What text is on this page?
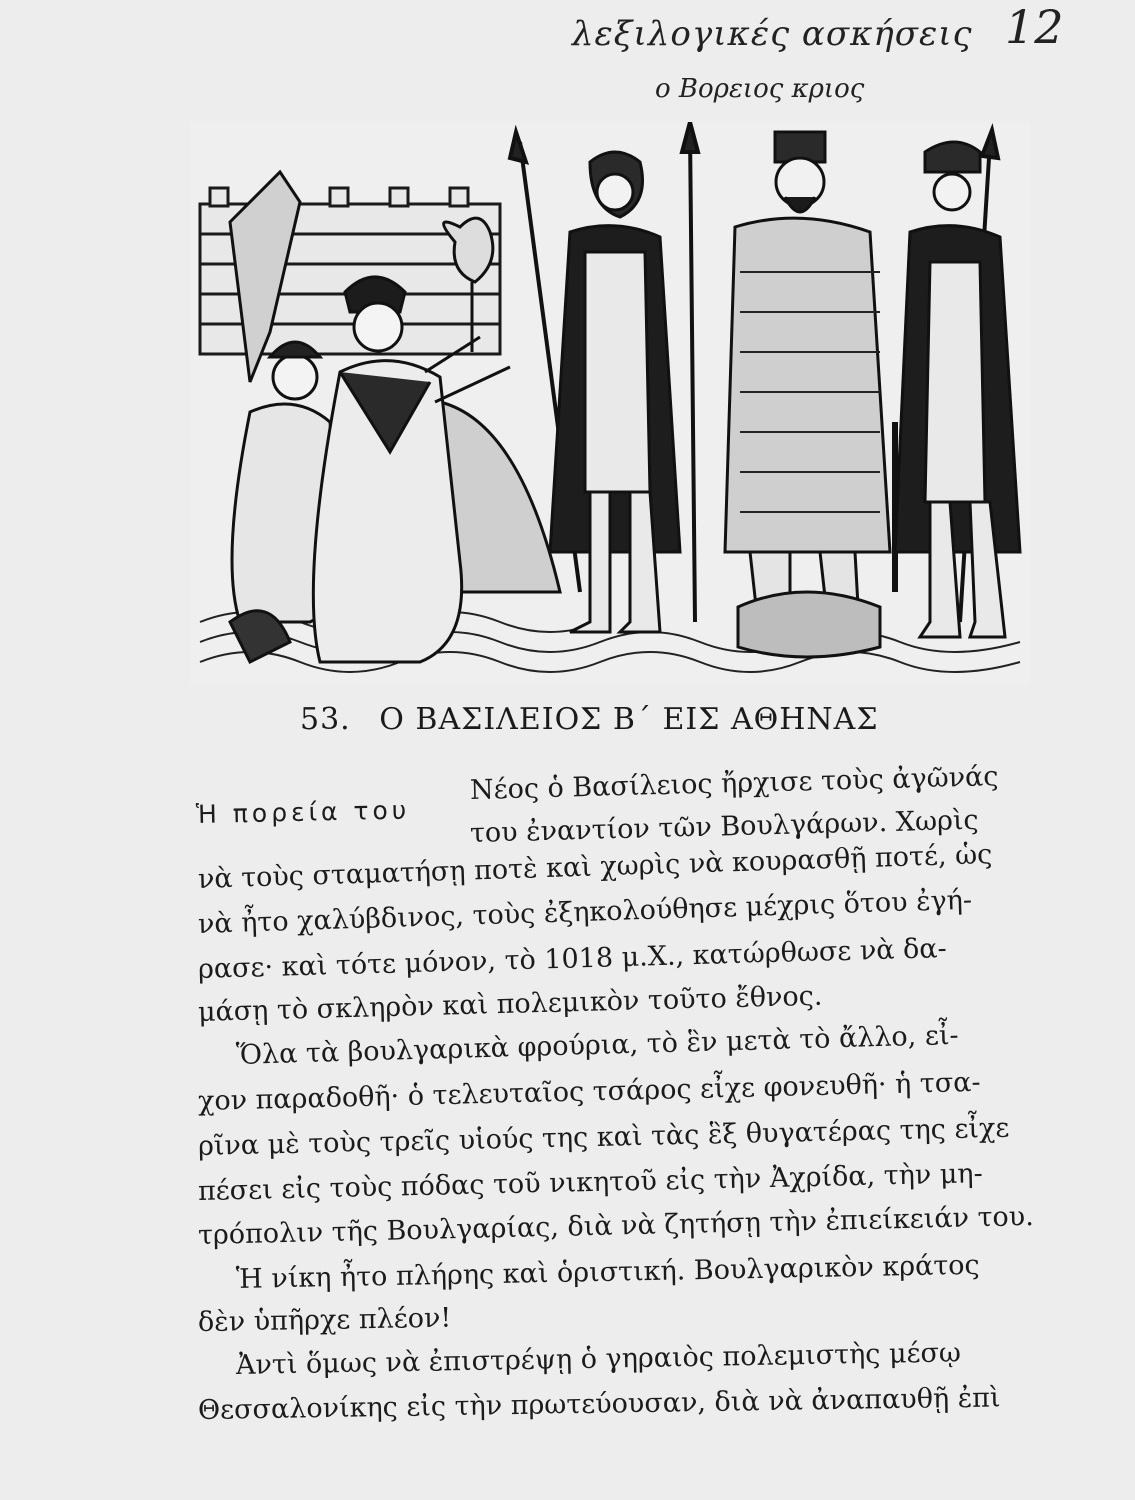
λεξιλογικές ασκήσεις 12
ο Βορειος κριος
53. Ο ΒΑΣΙΛΕΙΟΣ Β΄ ΕΙΣ ΑΘΗΝΑΣ
Ἡ πορεία του
Νέος ὁ Βασίλειος ἤρχισε τοὺς ἀγῶνάς
του ἐναντίον τῶν Βουλγάρων. Χωρὶς
νὰ τοὺς σταματήσῃ ποτὲ καὶ χωρὶς νὰ κουρασθῇ ποτέ, ὡς
νὰ ἦτο χαλύβδινος, τοὺς ἐξηκολούθησε μέχρις ὅτου ἐγή-
ρασε· καὶ τότε μόνον, τὸ 1018 μ.Χ., κατώρθωσε νὰ δα-
μάσῃ τὸ σκληρὸν καὶ πολεμικὸν τοῦτο ἔθνος.
Ὅλα τὰ βουλγαρικὰ φρούρια, τὸ ἓν μετὰ τὸ ἄλλο, εἶ-
χον παραδοθῆ· ὁ τελευταῖος τσάρος εἶχε φονευθῆ· ἡ τσα-
ρῖνα μὲ τοὺς τρεῖς υἱούς της καὶ τὰς ἓξ θυγατέρας της εἶχε
πέσει εἰς τοὺς πόδας τοῦ νικητοῦ εἰς τὴν Ἀχρίδα, τὴν μη-
τρόπολιν τῆς Βουλγαρίας, διὰ νὰ ζητήσῃ τὴν ἐπιείκειάν του.
Ἡ νίκη ἦτο πλήρης καὶ ὁριστική. Βουλγαρικὸν κράτος
δὲν ὑπῆρχε πλέον!
Ἀντὶ ὅμως νὰ ἐπιστρέψῃ ὁ γηραιὸς πολεμιστὴς μέσῳ
Θεσσαλονίκης εἰς τὴν πρωτεύουσαν, διὰ νὰ ἀναπαυθῇ ἐπὶ
